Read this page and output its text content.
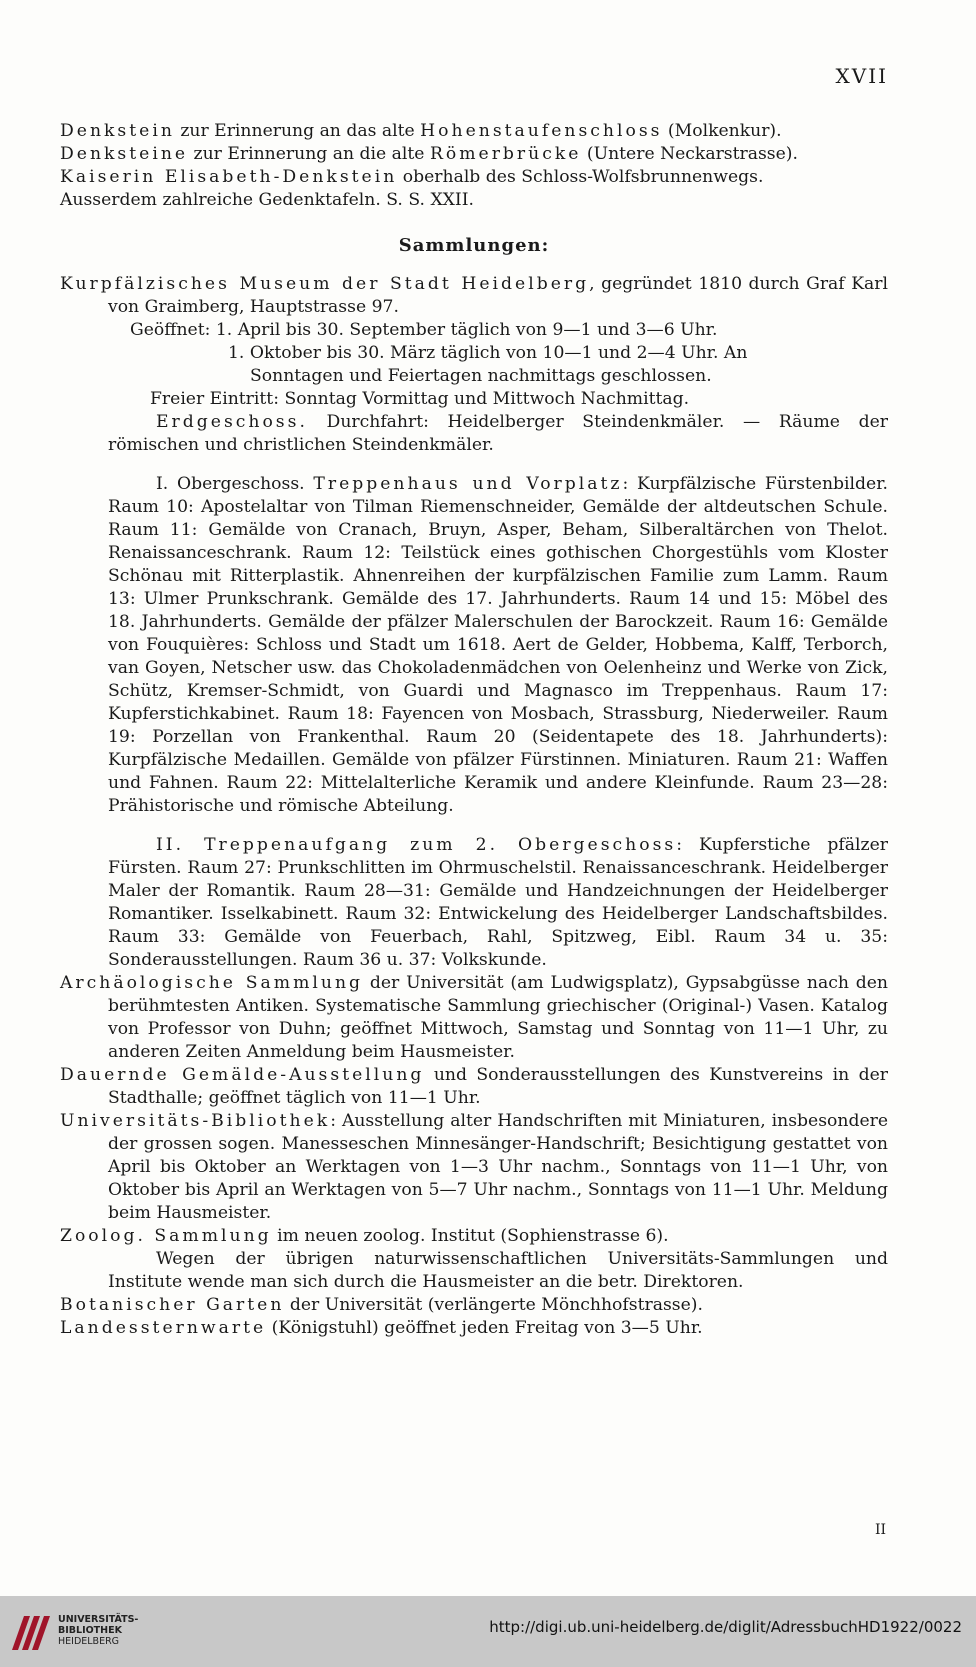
XVII

Denkstein zur Erinnerung an das alte Hohenstaufenschloss (Molkenkur).

Denksteine zur Erinnerung an die alte Römerbrücke (Untere Neckarstrasse).

Kaiserin Elisabeth-Denkstein oberhalb des Schloss-Wolfsbrunnenwegs.

Ausserdem zahlreiche Gedenktafeln. S. S. XXII.

Sammlungen:

Kurpfälzisches Museum der Stadt Heidelberg, gegründet 1810 durch Graf Karl von Graimberg, Hauptstrasse 97.

Geöffnet: 1. April bis 30. September täglich von 9—1 und 3—6 Uhr.

1. Oktober bis 30. März täglich von 10—1 und 2—4 Uhr. An

Sonntagen und Feiertagen nachmittags geschlossen.

Freier Eintritt: Sonntag Vormittag und Mittwoch Nachmittag.

Erdgeschoss. Durchfahrt: Heidelberger Steindenkmäler. — Räume der römischen und christlichen Steindenkmäler.

I. Obergeschoss. Treppenhaus und Vorplatz: Kurpfälzische Fürstenbilder. Raum 10: Apostelaltar von Tilman Riemenschneider, Gemälde der altdeutschen Schule. Raum 11: Gemälde von Cranach, Bruyn, Asper, Beham, Silberaltärchen von Thelot. Renaissanceschrank. Raum 12: Teilstück eines gothischen Chorgestühls vom Kloster Schönau mit Ritterplastik. Ahnenreihen der kurpfälzischen Familie zum Lamm. Raum 13: Ulmer Prunkschrank. Gemälde des 17. Jahrhunderts. Raum 14 und 15: Möbel des 18. Jahrhunderts. Gemälde der pfälzer Malerschulen der Barockzeit. Raum 16: Gemälde von Fouquières: Schloss und Stadt um 1618. Aert de Gelder, Hobbema, Kalff, Terborch, van Goyen, Netscher usw. das Chokoladenmädchen von Oelenheinz und Werke von Zick, Schütz, Kremser-Schmidt, von Guardi und Magnasco im Treppenhaus. Raum 17: Kupferstichkabinet. Raum 18: Fayencen von Mosbach, Strassburg, Niederweiler. Raum 19: Porzellan von Frankenthal. Raum 20 (Seidentapete des 18. Jahrhunderts): Kurpfälzische Medaillen. Gemälde von pfälzer Fürstinnen. Miniaturen. Raum 21: Waffen und Fahnen. Raum 22: Mittelalterliche Keramik und andere Kleinfunde. Raum 23—28: Prähistorische und römische Abteilung.

II. Treppenaufgang zum 2. Obergeschoss: Kupferstiche pfälzer Fürsten. Raum 27: Prunkschlitten im Ohrmuschelstil. Renaissanceschrank. Heidelberger Maler der Romantik. Raum 28—31: Gemälde und Handzeichnungen der Heidelberger Romantiker. Isselkabinett. Raum 32: Entwickelung des Heidelberger Landschaftsbildes. Raum 33: Gemälde von Feuerbach, Rahl, Spitzweg, Eibl. Raum 34 u. 35: Sonderausstellungen. Raum 36 u. 37: Volkskunde.

Archäologische Sammlung der Universität (am Ludwigsplatz), Gypsabgüsse nach den berühmtesten Antiken. Systematische Sammlung griechischer (Original-) Vasen. Katalog von Professor von Duhn; geöffnet Mittwoch, Samstag und Sonntag von 11—1 Uhr, zu anderen Zeiten Anmeldung beim Hausmeister.

Dauernde Gemälde-Ausstellung und Sonderausstellungen des Kunstvereins in der Stadthalle; geöffnet täglich von 11—1 Uhr.

Universitäts-Bibliothek: Ausstellung alter Handschriften mit Miniaturen, insbesondere der grossen sogen. Manesseschen Minnesänger-Handschrift; Besichtigung gestattet von April bis Oktober an Werktagen von 1—3 Uhr nachm., Sonntags von 11—1 Uhr, von Oktober bis April an Werktagen von 5—7 Uhr nachm., Sonntags von 11—1 Uhr. Meldung beim Hausmeister.

Zoolog. Sammlung im neuen zoolog. Institut (Sophienstrasse 6).

Wegen der übrigen naturwissenschaftlichen Universitäts-Sammlungen und Institute wende man sich durch die Hausmeister an die betr. Direktoren.

Botanischer Garten der Universität (verlängerte Mönchhofstrasse).

Landessternwarte (Königstuhl) geöffnet jeden Freitag von 3—5 Uhr.

II
UNIVERSITÄTS-
BIBLIOTHEK
HEIDELBERG
http://digi.ub.uni-heidelberg.de/diglit/AdressbuchHD1922/0022
